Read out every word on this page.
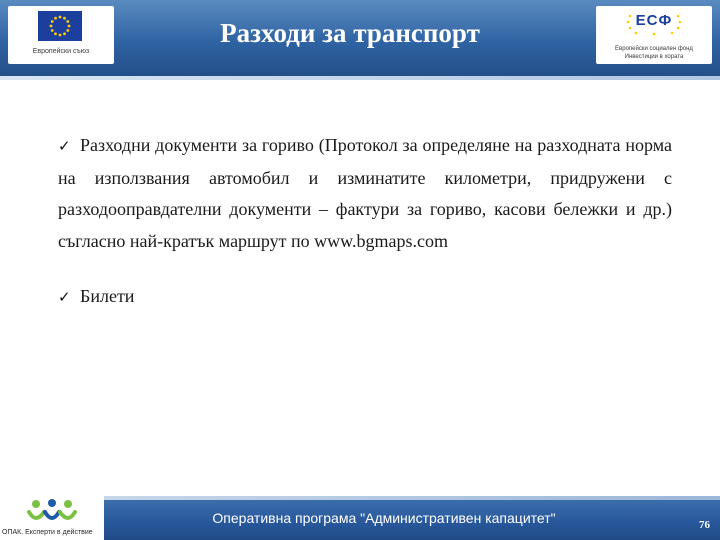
Европейски съюз
Разходи за транспорт	ЕСФ
Европейски социален фонд
Инвестиции в хората
✓ Разходни документи за гориво (Протокол за определяне на разходната норма на използвания автомобил и изминатите километри, придружени с разходооправдателни документи – фактури за гориво, касови бележки и др.) съгласно най-кратък маршрут по www.bgmaps.com
✓ Билети
ОПАК. Експерти в действие
Оперативна програма "Административен капацитет"	76
